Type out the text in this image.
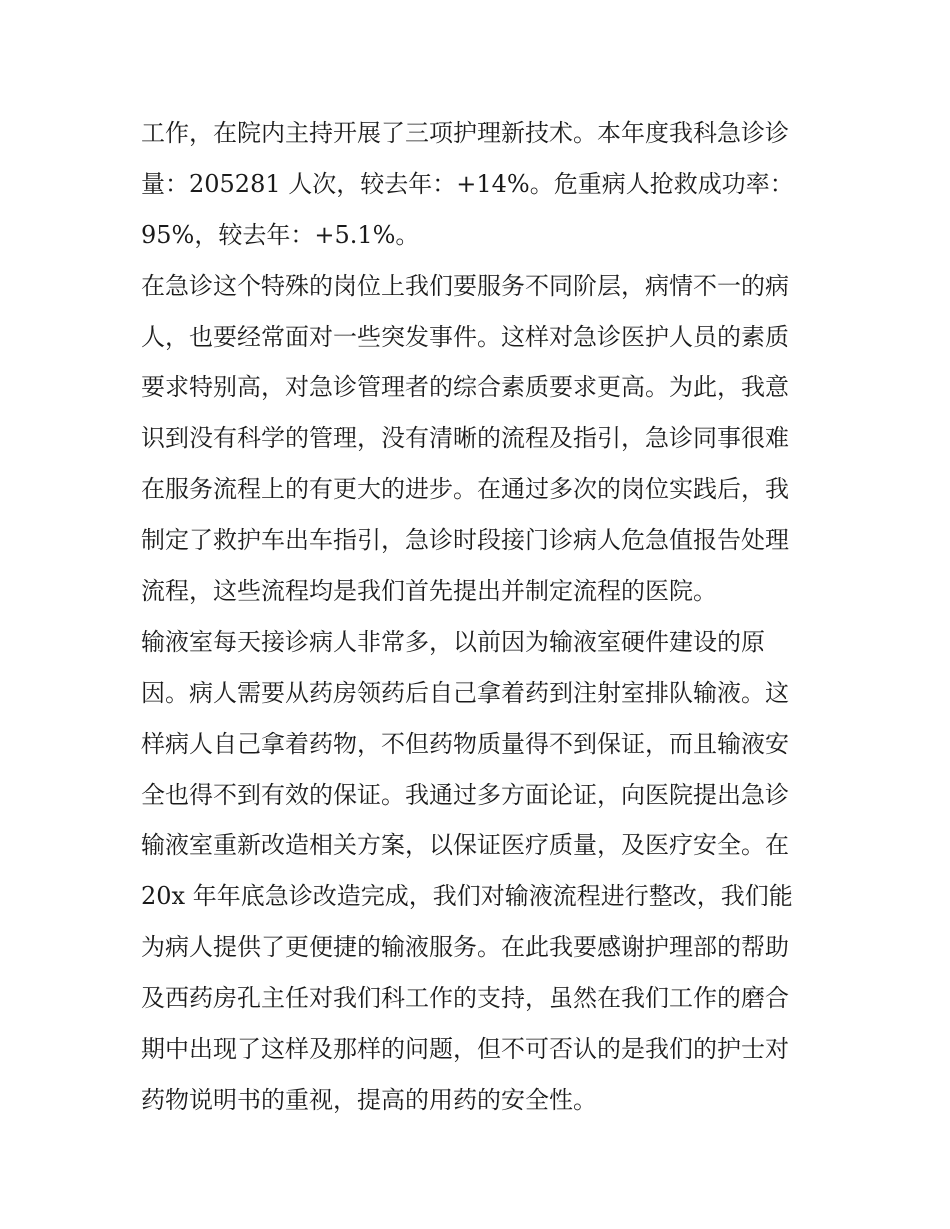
工作，在院内主持开展了三项护理新技术。本年度我科急诊诊
量：205281 人次，较去年：+14%。危重病人抢救成功率：
95%，较去年：+5.1%。
在急诊这个特殊的岗位上我们要服务不同阶层，病情不一的病
人，也要经常面对一些突发事件。这样对急诊医护人员的素质
要求特别高，对急诊管理者的综合素质要求更高。为此，我意
识到没有科学的管理，没有清晰的流程及指引，急诊同事很难
在服务流程上的有更大的进步。在通过多次的岗位实践后，我
制定了救护车出车指引，急诊时段接门诊病人危急值报告处理
流程，这些流程均是我们首先提出并制定流程的医院。
输液室每天接诊病人非常多，以前因为输液室硬件建设的原
因。病人需要从药房领药后自己拿着药到注射室排队输液。这
样病人自己拿着药物，不但药物质量得不到保证，而且输液安
全也得不到有效的保证。我通过多方面论证，向医院提出急诊
输液室重新改造相关方案，以保证医疗质量，及医疗安全。在
20x 年年底急诊改造完成，我们对输液流程进行整改，我们能
为病人提供了更便捷的输液服务。在此我要感谢护理部的帮助
及西药房孔主任对我们科工作的支持，虽然在我们工作的磨合
期中出现了这样及那样的问题，但不可否认的是我们的护士对
药物说明书的重视，提高的用药的安全性。
